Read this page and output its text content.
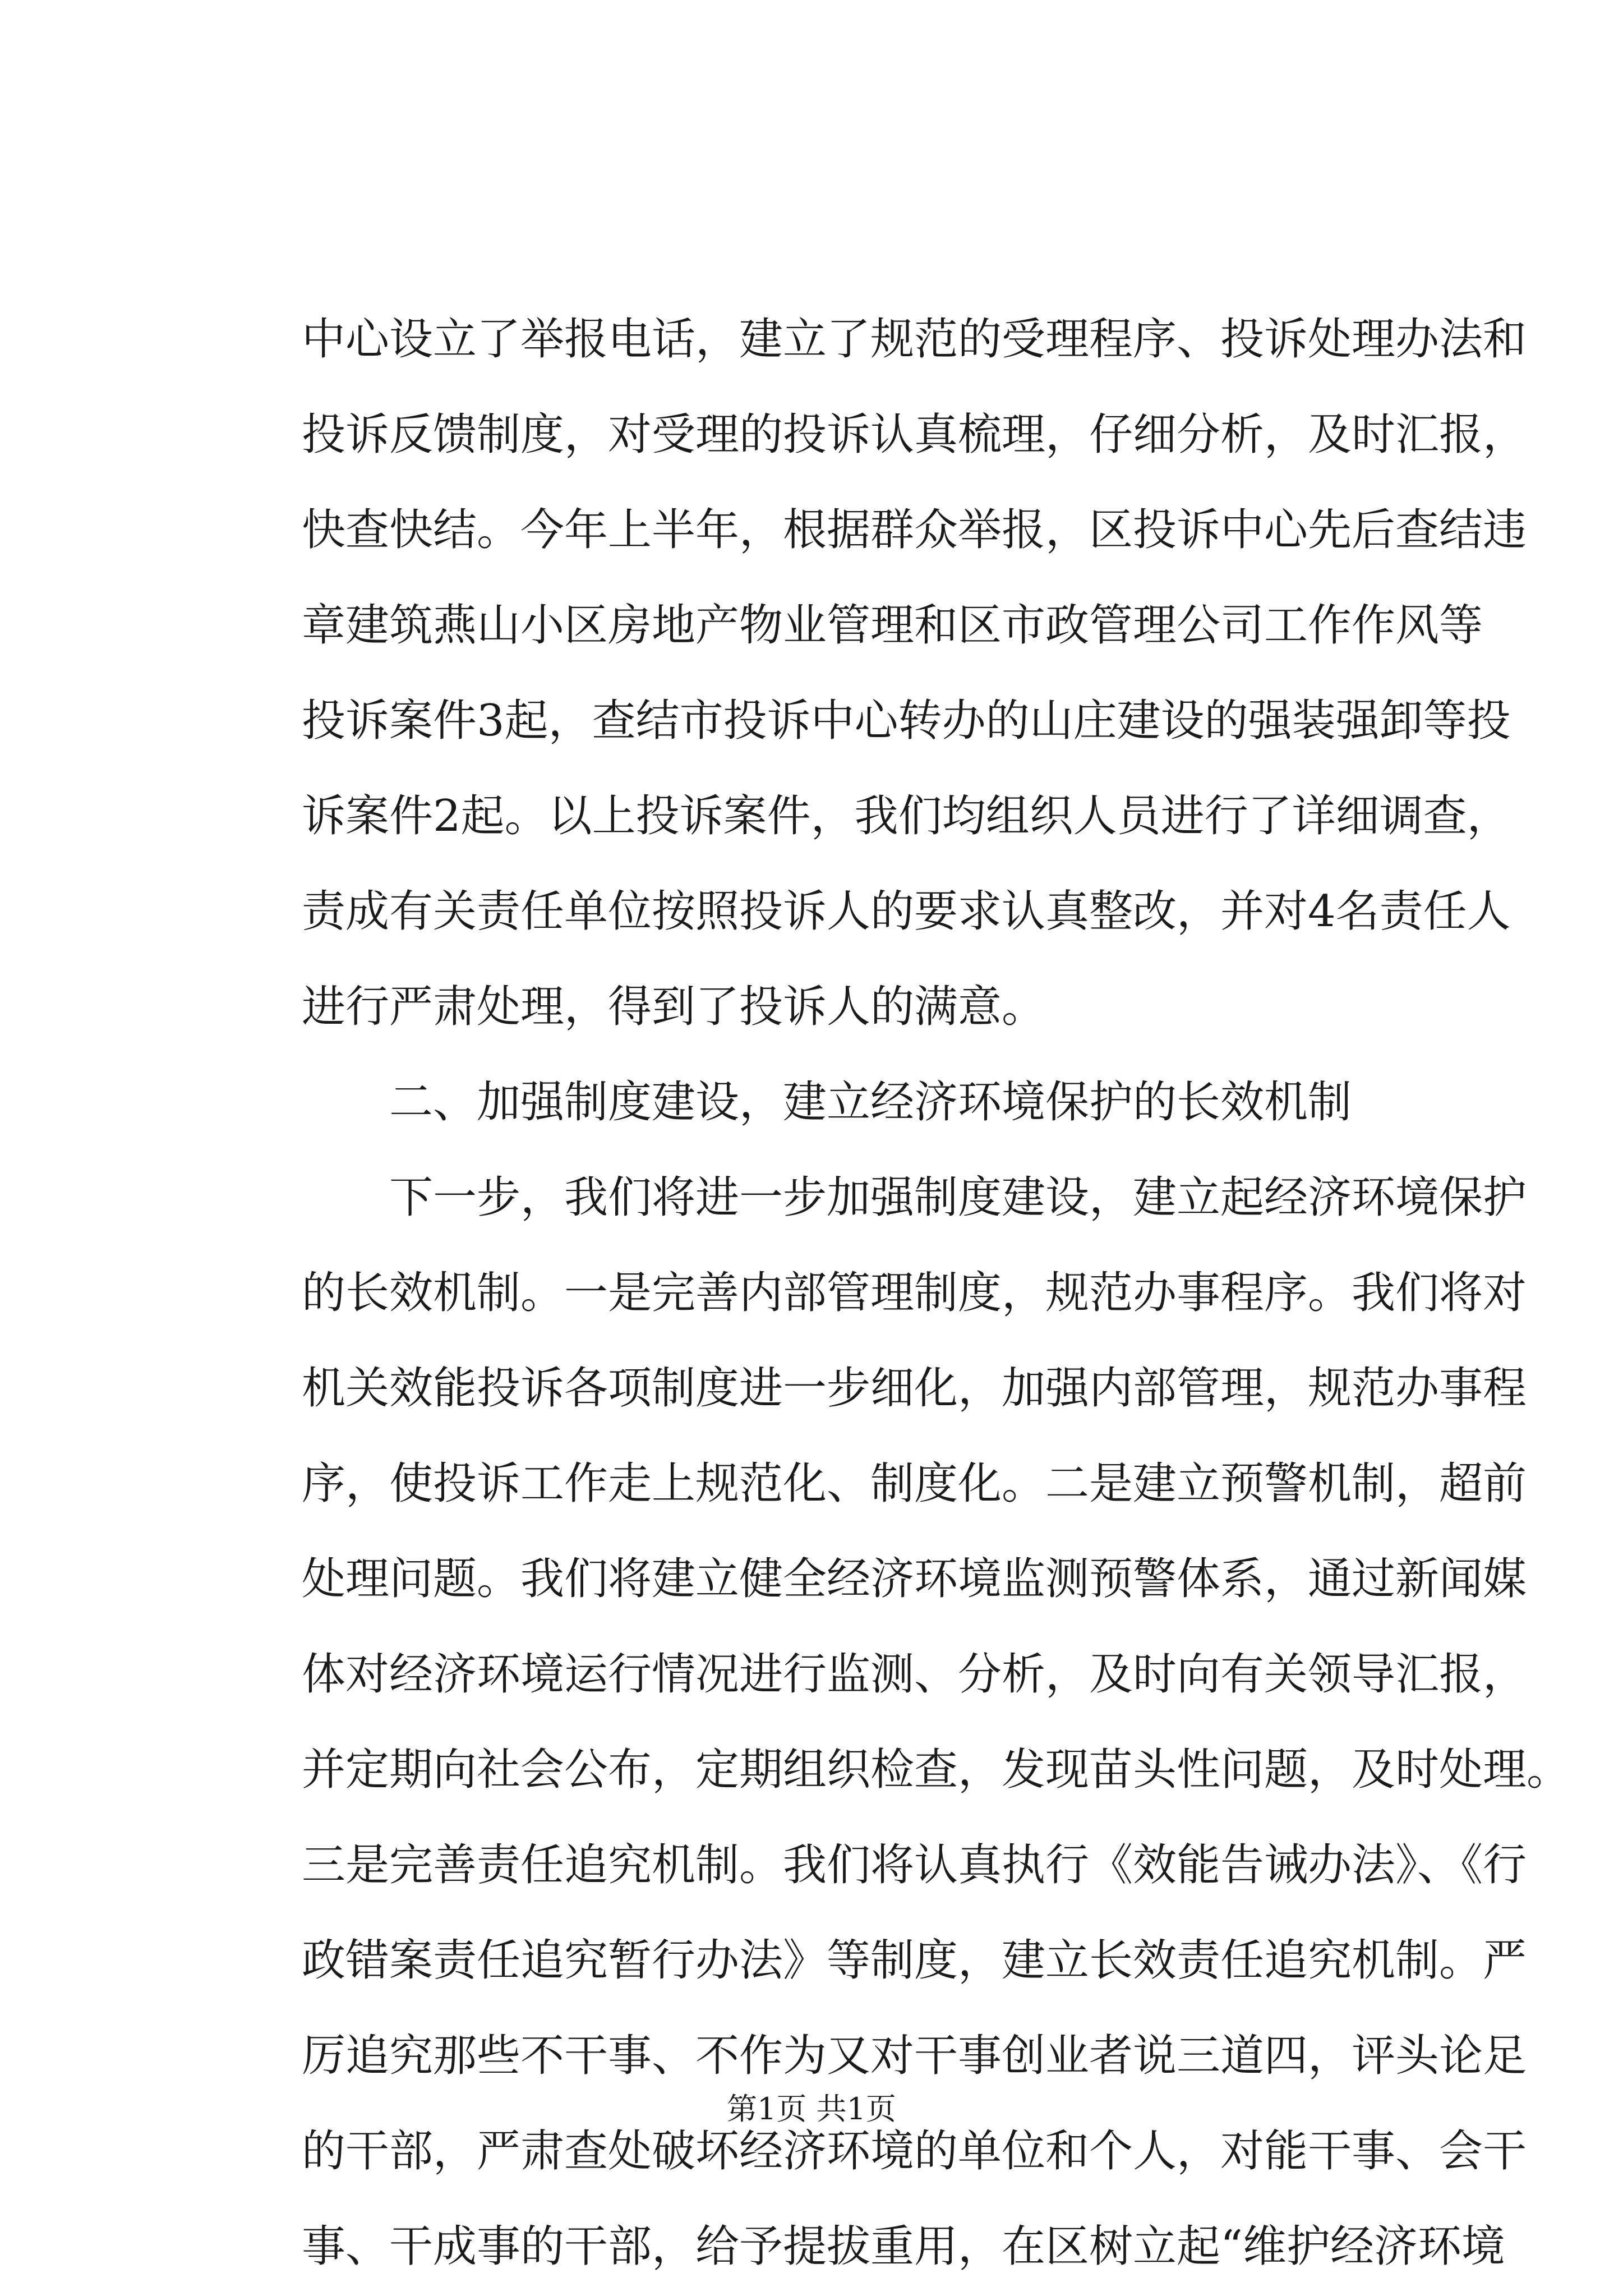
中心设立了举报电话，建立了规范的受理程序、投诉处理办法和
投诉反馈制度，对受理的投诉认真梳理，仔细分析，及时汇报，
快查快结。今年上半年，根据群众举报，区投诉中心先后查结违
章建筑燕山小区房地产物业管理和区市政管理公司工作作风等
投诉案件3起，查结市投诉中心转办的山庄建设的强装强卸等投
诉案件2起。以上投诉案件，我们均组织人员进行了详细调查，
责成有关责任单位按照投诉人的要求认真整改，并对4名责任人
进行严肃处理，得到了投诉人的满意。
二、加强制度建设，建立经济环境保护的长效机制
下一步，我们将进一步加强制度建设，建立起经济环境保护
的长效机制。一是完善内部管理制度，规范办事程序。我们将对
机关效能投诉各项制度进一步细化，加强内部管理，规范办事程
序，使投诉工作走上规范化、制度化。二是建立预警机制，超前
处理问题。我们将建立健全经济环境监测预警体系，通过新闻媒
体对经济环境运行情况进行监测、分析，及时向有关领导汇报，
并定期向社会公布，定期组织检查，发现苗头性问题，及时处理。
三是完善责任追究机制。我们将认真执行《效能告诫办法》、《行
政错案责任追究暂行办法》等制度，建立长效责任追究机制。严
厉追究那些不干事、不作为又对干事创业者说三道四，评头论足
的干部，严肃查处破坏经济环境的单位和个人，对能干事、会干
事、干成事的干部，给予提拔重用，在区树立起“维护经济环境
第1页 共1页
